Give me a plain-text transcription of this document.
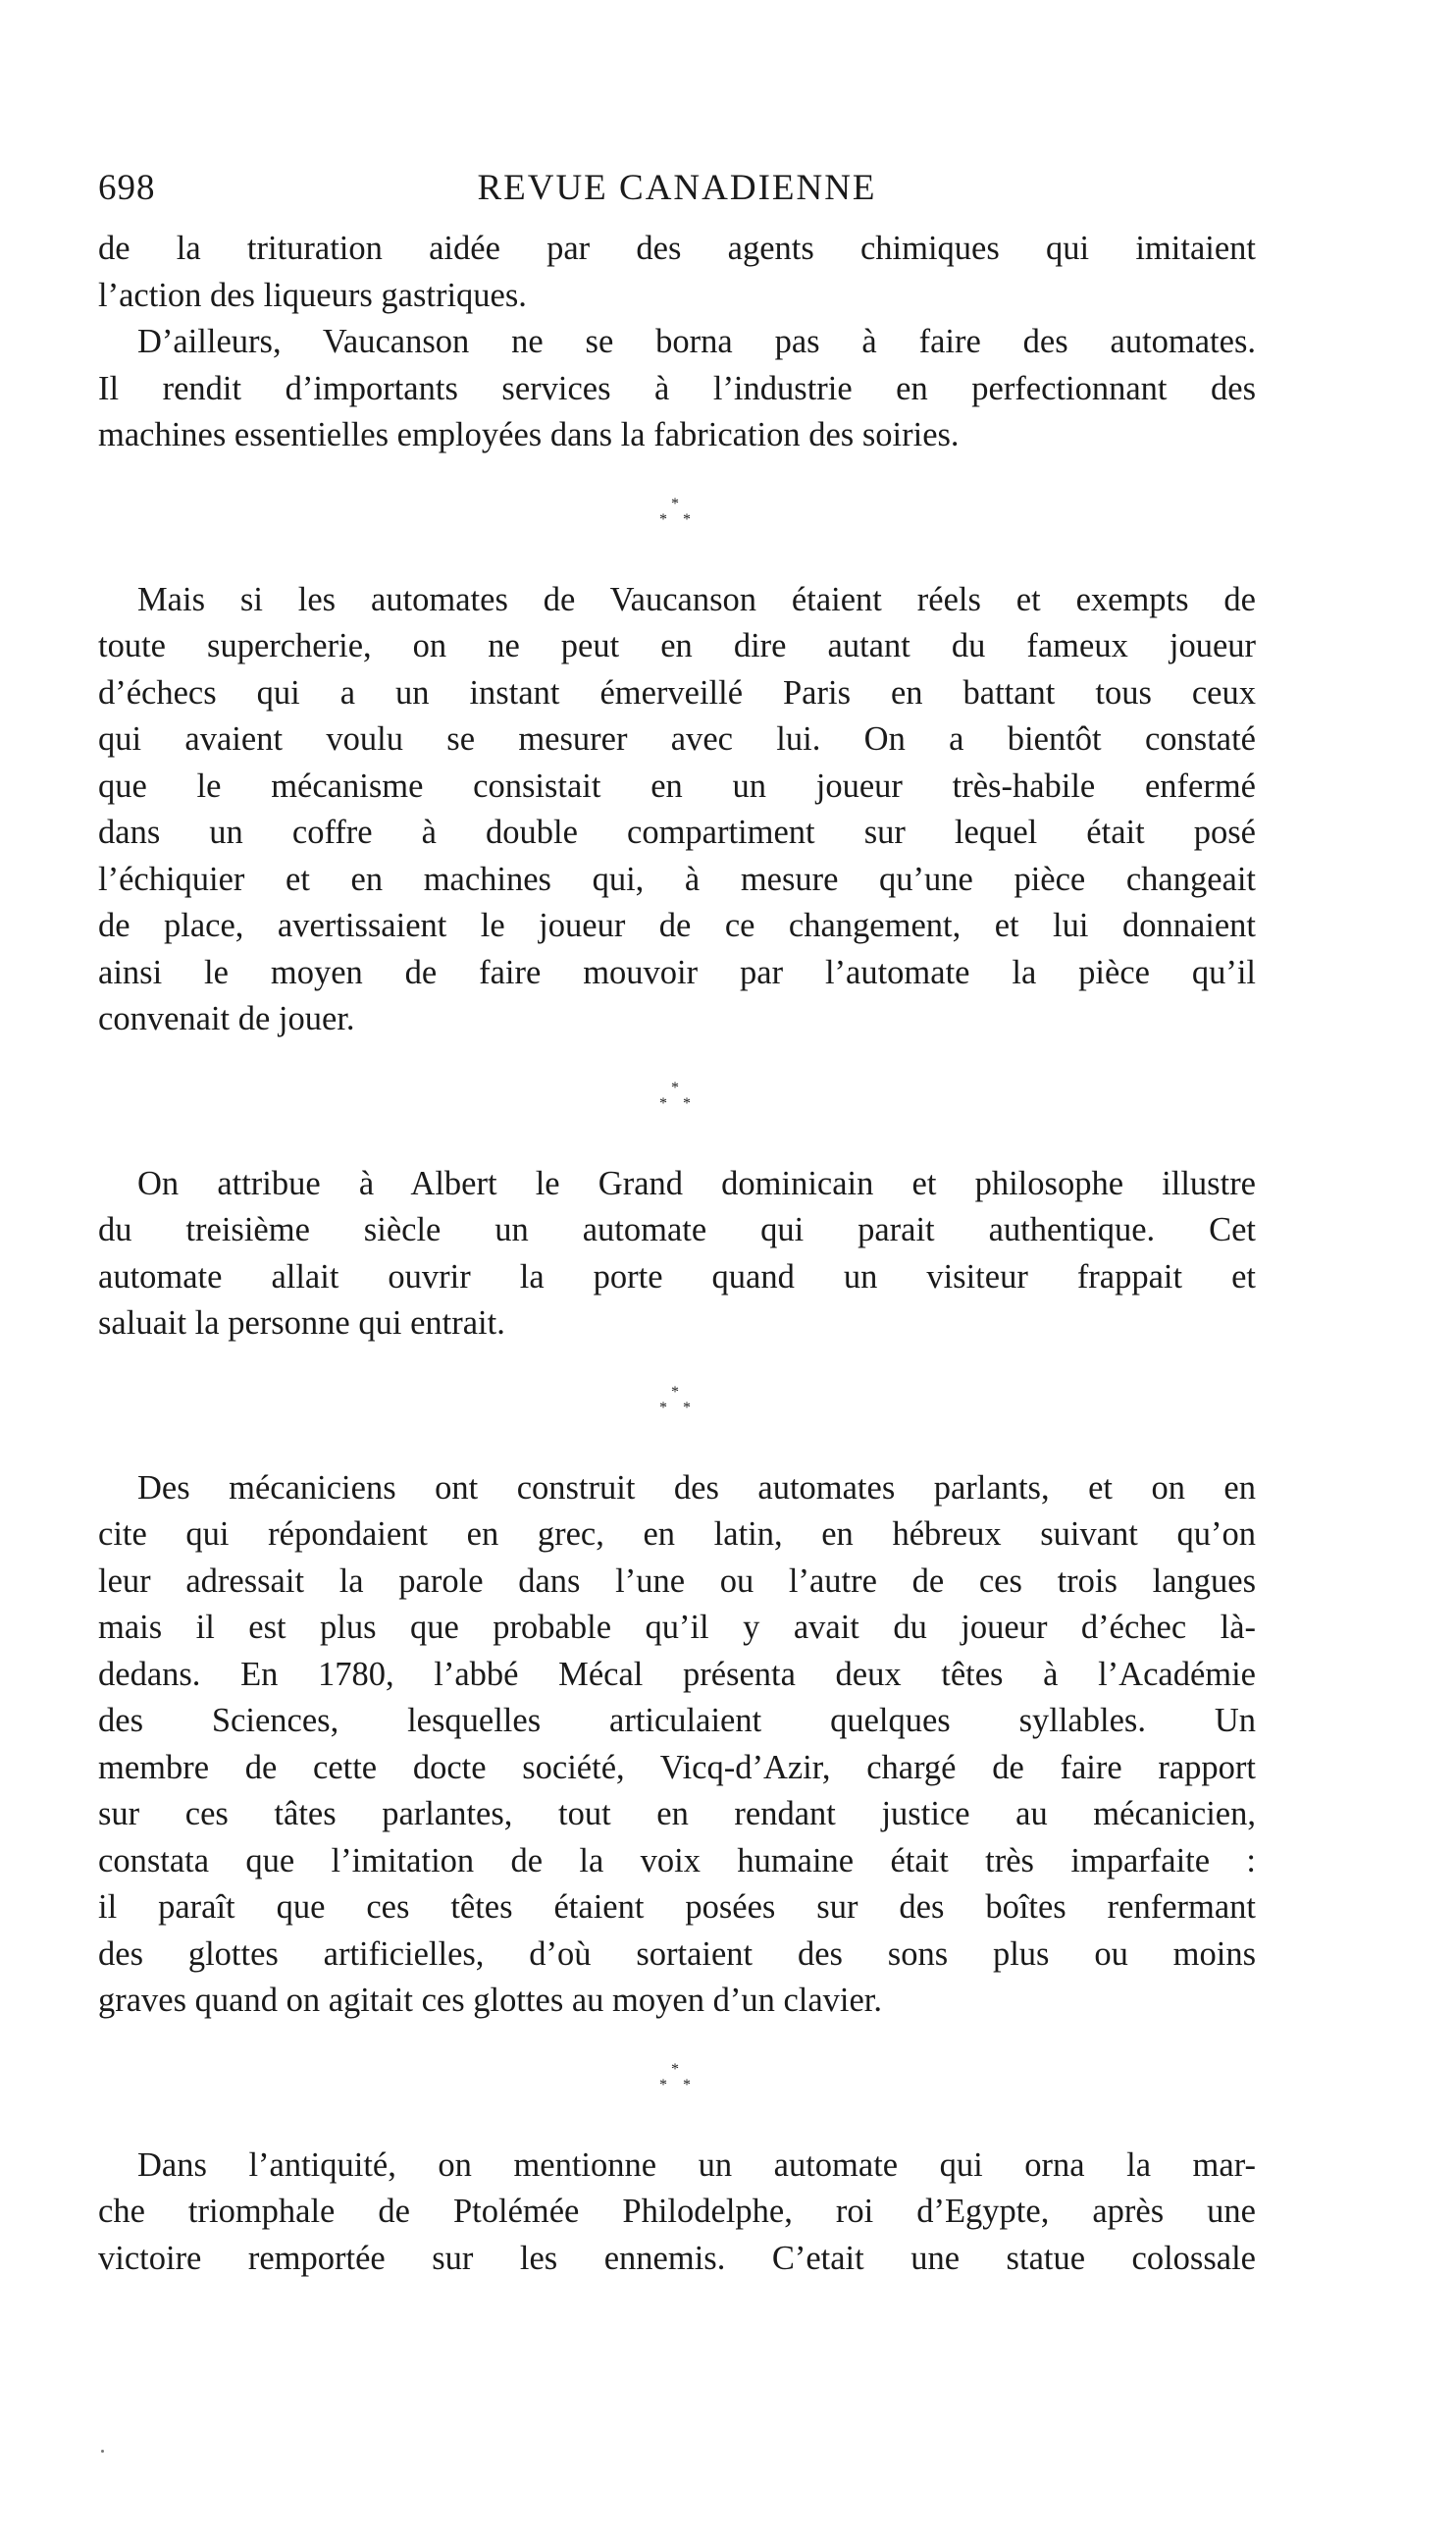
698	REVUE CANADIENNE

de la trituration aidée par des agents chimiques qui imitaient
l’action des liqueurs gastriques.

D’ailleurs, Vaucanson ne se borna pas à faire des automates.
Il rendit d’importants services à l’industrie en perfectionnant des
machines essentielles employées dans la fabrication des soiries.

*
* *

Mais si les automates de Vaucanson étaient réels et exempts de
toute supercherie, on ne peut en dire autant du fameux joueur
d’échecs qui a un instant émerveillé Paris en battant tous ceux
qui avaient voulu se mesurer avec lui. On a bientôt constaté
que le mécanisme consistait en un joueur très-habile enfermé
dans un coffre à double compartiment sur lequel était posé
l’échiquier et en machines qui, à mesure qu’une pièce changeait
de place, avertissaient le joueur de ce changement, et lui donnaient
ainsi le moyen de faire mouvoir par l’automate la pièce qu’il
convenait de jouer.

*
* *

On attribue à Albert le Grand dominicain et philosophe illustre
du treisième siècle un automate qui parait authentique. Cet
automate allait ouvrir la porte quand un visiteur frappait et
saluait la personne qui entrait.

*
* *

Des mécaniciens ont construit des automates parlants, et on en
cite qui répondaient en grec, en latin, en hébreux suivant qu’on
leur adressait la parole dans l’une ou l’autre de ces trois langues
mais il est plus que probable qu’il y avait du joueur d’échec là-
dedans. En 1780, l’abbé Mécal présenta deux têtes à l’Académie
des Sciences, lesquelles articulaient quelques syllables. Un
membre de cette docte société, Vicq-d’Azir, chargé de faire rapport
sur ces tâtes parlantes, tout en rendant justice au mécanicien,
constata que l’imitation de la voix humaine était très imparfaite :
il paraît que ces têtes étaient posées sur des boîtes renfermant
des glottes artificielles, d’où sortaient des sons plus ou moins
graves quand on agitait ces glottes au moyen d’un clavier.

*
* *

Dans l’antiquité, on mentionne un automate qui orna la mar-
che triomphale de Ptolémée Philodelphe, roi d’Egypte, après une
victoire remportée sur les ennemis. C’etait une statue colossale
